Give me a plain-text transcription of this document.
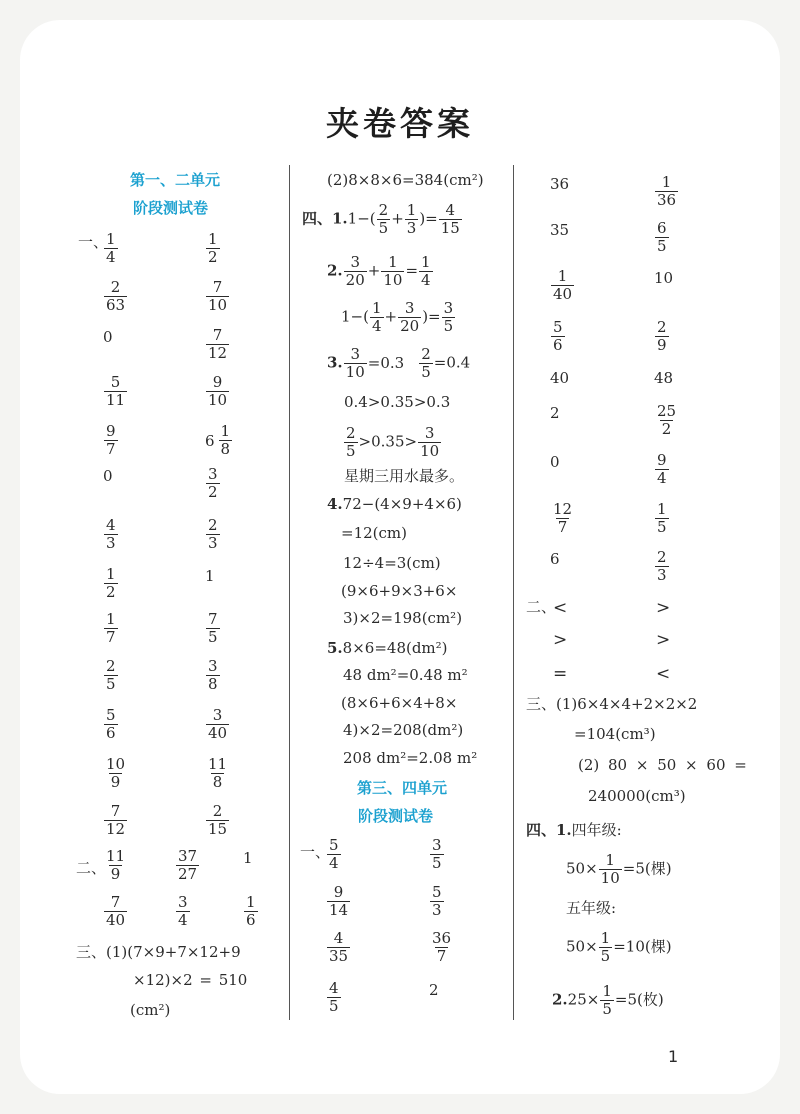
夹卷答案
第一、二单元
阶段测试卷
一、
$\frac{1}{4}$	$\frac{1}{2}$
$\frac{2}{63}$	$\frac{7}{10}$
0	$\frac{7}{12}$
$\frac{5}{11}$	$\frac{9}{10}$
$\frac{9}{7}$	$6 \frac{1}{8}$
0	$\frac{3}{2}$
$\frac{4}{3}$	$\frac{2}{3}$
$\frac{1}{2}$	1
$\frac{1}{7}$	$\frac{7}{5}$
$\frac{2}{5}$	$\frac{3}{8}$
$\frac{5}{6}$	$\frac{3}{40}$
$\frac{10}{9}$	$\frac{11}{8}$
$\frac{7}{12}$	$\frac{2}{15}$
二、
$\frac{11}{9}$	$\frac{37}{27}$	1
$\frac{7}{40}$	$\frac{3}{4}$	$\frac{1}{6}$
三、(1)(7×9+7×12+9
×12)×2 = 510
(cm²)
(2)8×8×6=384(cm²)
四、$1.1-( \frac{2}{5} + \frac{1}{3}$ )= $\frac{4}{15}$
2. $\frac{3}{20} + \frac{1}{10} = \frac{1}{4}$
$1-( \frac{1}{4} + \frac{3}{20}$ )= $\frac{3}{5}$
3. $\frac{3}{10} =0.3 \frac{2}{5} =0.4$
0.4>0.35>0.3
$\frac{2}{5} >0.35> \frac{3}{10}$
星期三用水最多。
4.72−(4×9+4×6)
=12(cm)
12÷4=3(cm)
(9×6+9×3+6×
3)×2=198(cm²)
5.8×6=48(dm²)
48 dm²=0.48 m²
(8×6+6×4+8×
4)×2=208(dm²)
208 dm²=2.08 m²
第三、四单元
阶段测试卷
一、
$\frac{5}{4}$	$\frac{3}{5}$
$\frac{9}{14}$	$\frac{5}{3}$
$\frac{4}{35}$	$\frac{36}{7}$
$\frac{4}{5}$	2
36	$\frac{1}{36}$
35	$\frac{6}{5}$
$\frac{1}{40}$	10
$\frac{5}{6}$	$\frac{2}{9}$
40	48
2	$\frac{25}{2}$
0	$\frac{9}{4}$
$\frac{12}{7}$	$\frac{1}{5}$
6	$\frac{2}{3}$
二、
<	>
>	>
=	<
三、(1)6×4×4+2×2×2
=104(cm³)
(2) 80 × 50 × 60 =
240000(cm³)
四、1.四年级:
$50\times \frac{1}{10} =5$(棵)
五年级:
$50\times \frac{1}{5} =10$(棵)
$2.25\times \frac{1}{5} =5$(枚)
1
